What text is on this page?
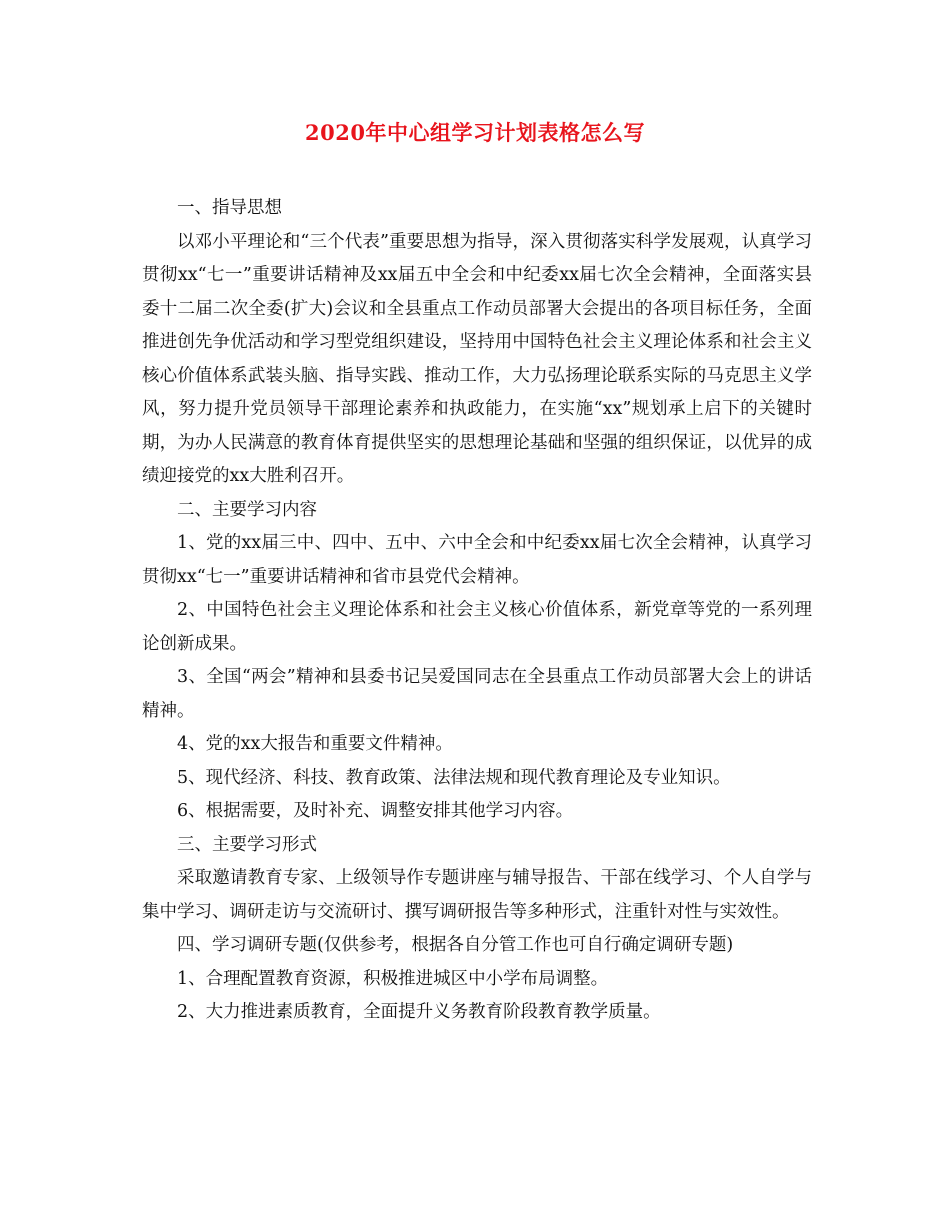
2020年中心组学习计划表格怎么写

一、指导思想

以邓小平理论和“三个代表”重要思想为指导，深入贯彻落实科学发展观，认真学习贯彻xx“七一”重要讲话精神及xx届五中全会和中纪委xx届七次全会精神，全面落实县委十二届二次全委(扩大)会议和全县重点工作动员部署大会提出的各项目标任务，全面推进创先争优活动和学习型党组织建设，坚持用中国特色社会主义理论体系和社会主义核心价值体系武装头脑、指导实践、推动工作，大力弘扬理论联系实际的马克思主义学风，努力提升党员领导干部理论素养和执政能力，在实施“xx”规划承上启下的关键时期，为办人民满意的教育体育提供坚实的思想理论基础和坚强的组织保证，以优异的成绩迎接党的xx大胜利召开。

二、主要学习内容

1、党的xx届三中、四中、五中、六中全会和中纪委xx届七次全会精神，认真学习贯彻xx“七一”重要讲话精神和省市县党代会精神。

2、中国特色社会主义理论体系和社会主义核心价值体系，新党章等党的一系列理论创新成果。

3、全国“两会”精神和县委书记吴爱国同志在全县重点工作动员部署大会上的讲话精神。

4、党的xx大报告和重要文件精神。

5、现代经济、科技、教育政策、法律法规和现代教育理论及专业知识。

6、根据需要，及时补充、调整安排其他学习内容。

三、主要学习形式

采取邀请教育专家、上级领导作专题讲座与辅导报告、干部在线学习、个人自学与集中学习、调研走访与交流研讨、撰写调研报告等多种形式，注重针对性与实效性。

四、学习调研专题(仅供参考，根据各自分管工作也可自行确定调研专题)

1、合理配置教育资源，积极推进城区中小学布局调整。

2、大力推进素质教育，全面提升义务教育阶段教育教学质量。
